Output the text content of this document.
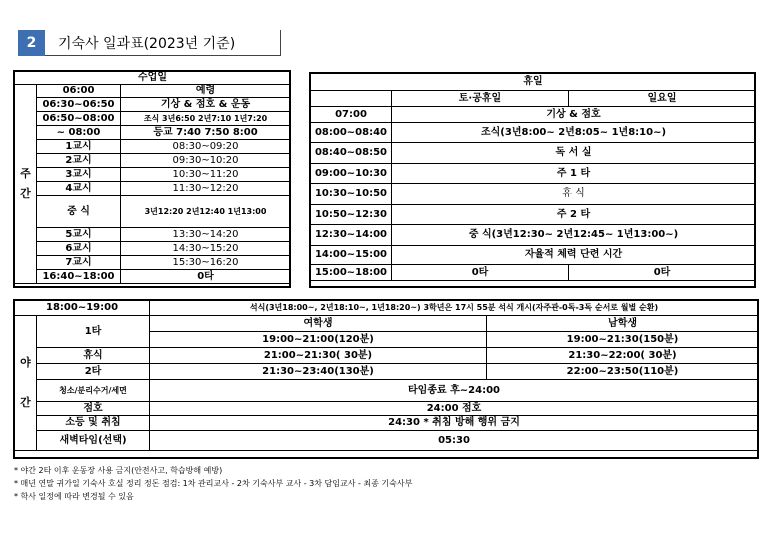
2	기숙사 일과표(2023년 기준)
수업일		
주
간	06:00	예령
	06:30~06:50	기상 & 점호 & 운동
	06:50~08:00	조식 3년6:50 2년7:10 1년7:20
	~ 08:00	등교 7:40 7:50 8:00
	1교시	08:30~09:20
	2교시	09:30~10:20
	3교시	10:30~11:20
	4교시	11:30~12:20
	중 식	3년12:20 2년12:40 1년13:00
	5교시	13:30~14:20
	6교시	14:30~15:20
	7교시	15:30~16:20
	16:40~18:00	0타
휴일		
	토·공휴일	일요일
07:00	기상 & 점호	
08:00~08:40	조식(3년8:00~ 2년8:05~ 1년8:10~)	
08:40~08:50	독 서 실	
09:00~10:30	주 1 타	
10:30~10:50	휴 식	
10:50~12:30	주 2 타	
12:30~14:00	중 식(3년12:30~ 2년12:45~ 1년13:00~)	
14:00~15:00	자율적 체력 단련 시간	
15:00~18:00	0타	0타
18:00~19:00		석식(3년18:00~, 2년18:10~, 1년18:20~) 3학년은 17시 55분 석식 개시(자주관-0독-3독 순서로 월별 순환)	
야

간	1타	여학생	남학생
		19:00~21:00(120분)	19:00~21:30(150분)
	휴식	21:00~21:30( 30분)	21:30~22:00( 30분)
	2타	21:30~23:40(130분)	22:00~23:50(110분)
	청소/분리수거/세면	타임종료 후~24:00	
	점호	24:00 점호	
	소등 및 취침	24:30 * 취침 방해 행위 금지	
	새벽타임(선택)	05:30	
* 야간 2타 이후 운동장 사용 금지(안전사고, 학습방해 예방)
* 매년 연말 귀가일 기숙사 호실 정리 정돈 점검: 1차 관리교사 - 2차 기숙사부 교사 - 3차 담임교사 - 최종 기숙사부
* 학사 일정에 따라 변경될 수 있음
